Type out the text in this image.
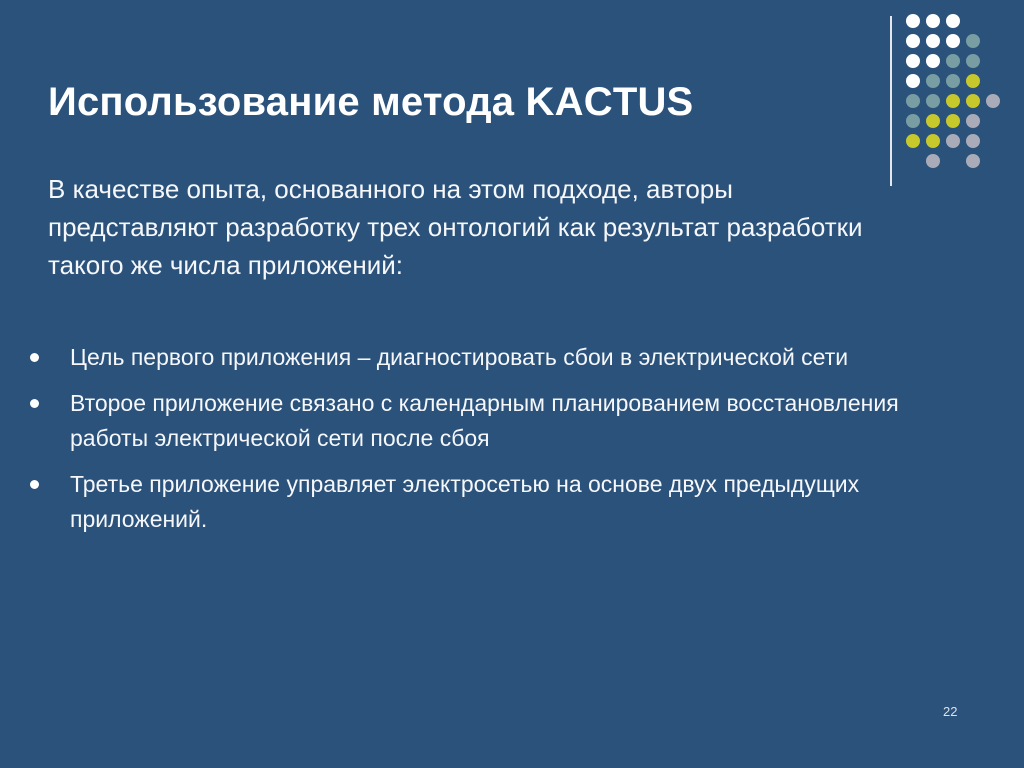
Использование метода KACTUS

В качестве опыта, основанного на этом подходе, авторы представляют разработку трех онтологий как результат разработки такого же числа приложений:

Цель первого приложения – диагностировать сбои в электрической сети
Второе приложение связано с календарным планированием восстановления работы электрической сети после сбоя
Третье приложение управляет электросетью на основе двух предыдущих приложений.
22
